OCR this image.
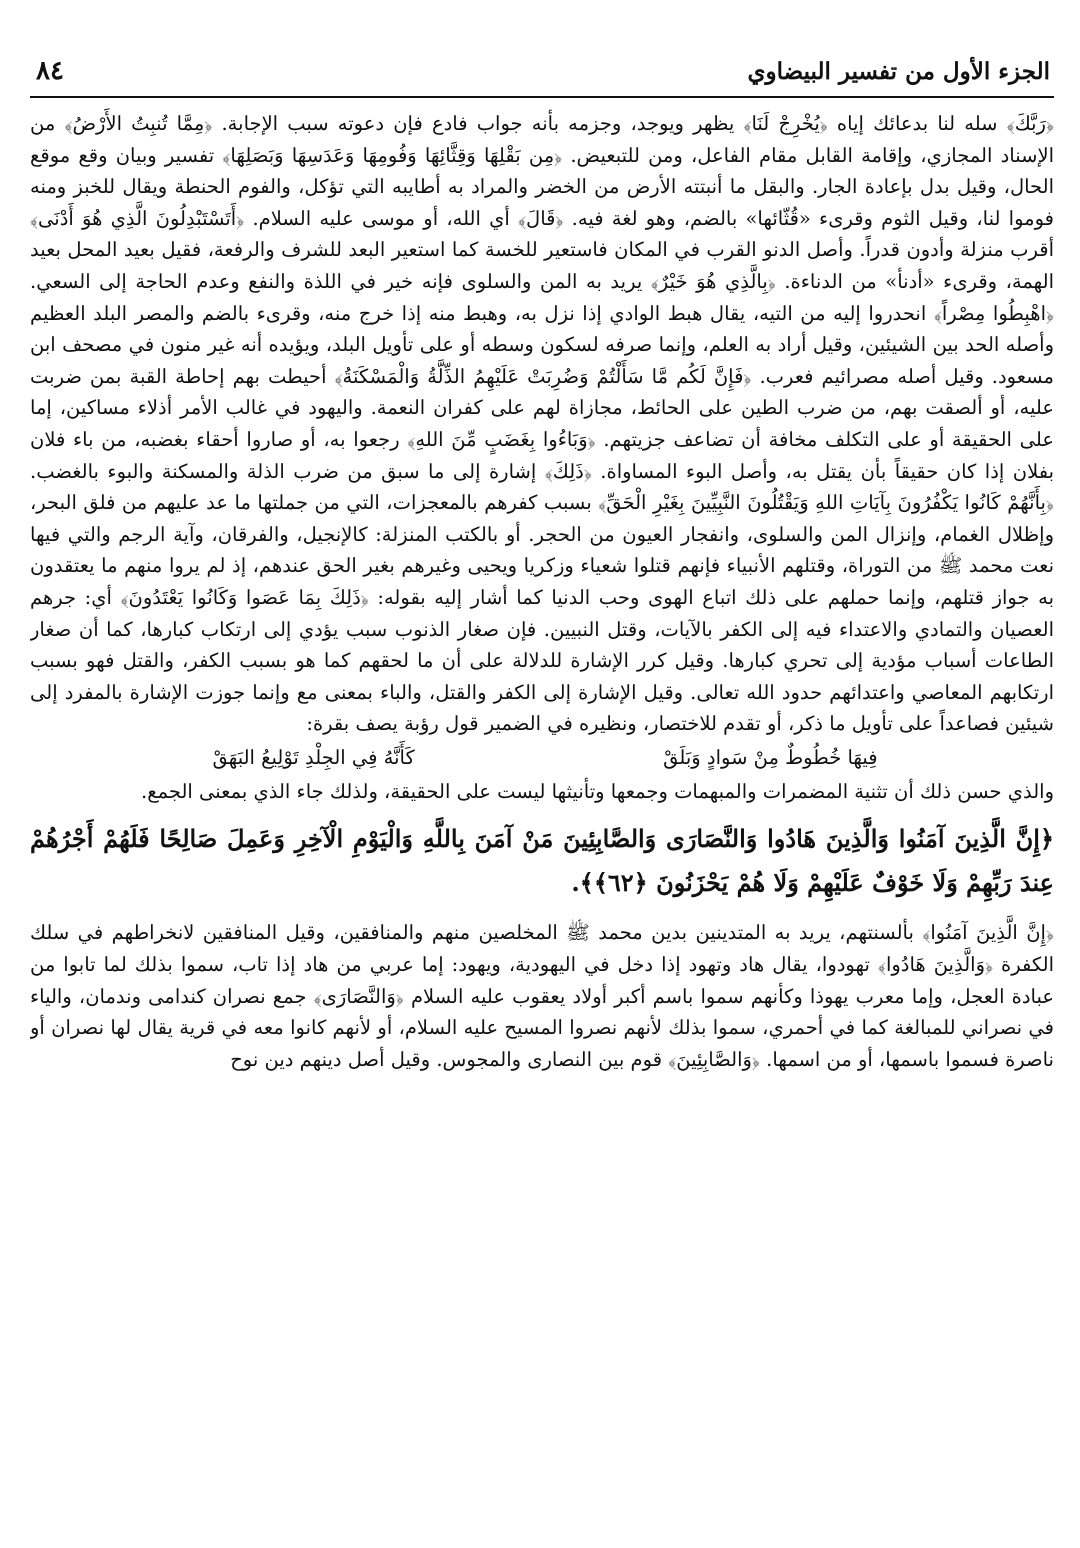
الجزء الأول من تفسير البيضاوي
٨٤

﴿رَبَّكَ﴾ سله لنا بدعائك إياه ﴿يُخْرِجْ لَنَا﴾ يظهر ويوجد، وجزمه بأنه جواب فادع فإن دعوته سبب الإجابة. ﴿مِمَّا تُنبِتُ الأَرْضُ﴾ من الإسناد المجازي، وإقامة القابل مقام الفاعل، ومن للتبعيض. ﴿مِن بَقْلِهَا وَقِثَّائِهَا وَفُومِهَا وَعَدَسِهَا وَبَصَلِهَا﴾ تفسير وبيان وقع موقع الحال، وقيل بدل بإعادة الجار. والبقل ما أنبتته الأرض من الخضر والمراد به أطايبه التي تؤكل، والفوم الحنطة ويقال للخبز ومنه فوموا لنا، وقيل الثوم وقرىء «قُثّائها» بالضم، وهو لغة فيه. ﴿قَالَ﴾ أي الله، أو موسى عليه السلام. ﴿أَتَسْتَبْدِلُونَ الَّذِي هُوَ أَدْنَى﴾ أقرب منزلة وأدون قدراً. وأصل الدنو القرب في المكان فاستعير للخسة كما استعير البعد للشرف والرفعة، فقيل بعيد المحل بعيد الهمة، وقرىء «أدنأ» من الدناءة. ﴿بِالَّذِي هُوَ خَيْرٌ﴾ يريد به المن والسلوى فإنه خير في اللذة والنفع وعدم الحاجة إلى السعي. ﴿اهْبِطُوا مِصْراً﴾ انحدروا إليه من التيه، يقال هبط الوادي إذا نزل به، وهبط منه إذا خرج منه، وقرىء بالضم والمصر البلد العظيم وأصله الحد بين الشيئين، وقيل أراد به العلم، وإنما صرفه لسكون وسطه أو على تأويل البلد، ويؤيده أنه غير منون في مصحف ابن مسعود. وقيل أصله مصرائيم فعرب. ﴿فَإِنَّ لَكُم مَّا سَأَلْتُمْ وَضُرِبَتْ عَلَيْهِمُ الذِّلَّةُ وَالْمَسْكَنَةُ﴾ أحيطت بهم إحاطة القبة بمن ضربت عليه، أو ألصقت بهم، من ضرب الطين على الحائط، مجازاة لهم على كفران النعمة. واليهود في غالب الأمر أذلاء مساكين، إما على الحقيقة أو على التكلف مخافة أن تضاعف جزيتهم. ﴿وَبَاءُوا بِغَضَبٍ مِّنَ اللهِ﴾ رجعوا به، أو صاروا أحقاء بغضبه، من باء فلان بفلان إذا كان حقيقاً بأن يقتل به، وأصل البوء المساواة. ﴿ذَلِكَ﴾ إشارة إلى ما سبق من ضرب الذلة والمسكنة والبوء بالغضب. ﴿بِأَنَّهُمْ كَانُوا يَكْفُرُونَ بِآيَاتِ اللهِ وَيَقْتُلُونَ النَّبِيِّينَ بِغَيْرِ الْحَقِّ﴾ بسبب كفرهم بالمعجزات، التي من جملتها ما عد عليهم من فلق البحر، وإظلال الغمام، وإنزال المن والسلوى، وانفجار العيون من الحجر. أو بالكتب المنزلة: كالإنجيل، والفرقان، وآية الرجم والتي فيها نعت محمد ﷺ من التوراة، وقتلهم الأنبياء فإنهم قتلوا شعياء وزكريا ويحيى وغيرهم بغير الحق عندهم، إذ لم يروا منهم ما يعتقدون به جواز قتلهم، وإنما حملهم على ذلك اتباع الهوى وحب الدنيا كما أشار إليه بقوله: ﴿ذَلِكَ بِمَا عَصَوا وَكَانُوا يَعْتَدُونَ﴾ أي: جرهم العصيان والتمادي والاعتداء فيه إلى الكفر بالآيات، وقتل النبيين. فإن صغار الذنوب سبب يؤدي إلى ارتكاب كبارها، كما أن صغار الطاعات أسباب مؤدية إلى تحري كبارها. وقيل كرر الإشارة للدلالة على أن ما لحقهم كما هو بسبب الكفر، والقتل فهو بسبب ارتكابهم المعاصي واعتدائهم حدود الله تعالى. وقيل الإشارة إلى الكفر والقتل، والباء بمعنى مع وإنما جوزت الإشارة بالمفرد إلى شيئين فصاعداً على تأويل ما ذكر، أو تقدم للاختصار، ونظيره في الضمير قول رؤبة يصف بقرة:

فِيهَا خُطُوطٌ مِنْ سَوادٍ وَبَلَقْ كَأَنَّهُ فِي الجِلْدِ تَوْلِيعُ البَهَقْ

والذي حسن ذلك أن تثنية المضمرات والمبهمات وجمعها وتأنيثها ليست على الحقيقة، ولذلك جاء الذي بمعنى الجمع.

﴿إِنَّ الَّذِينَ آمَنُوا وَالَّذِينَ هَادُوا وَالنَّصَارَى وَالصَّابِئِينَ مَنْ آمَنَ بِاللَّهِ وَالْيَوْمِ الْآخِرِ وَعَمِلَ صَالِحًا فَلَهُمْ أَجْرُهُمْ عِندَ رَبِّهِمْ وَلَا خَوْفٌ عَلَيْهِمْ وَلَا هُمْ يَحْزَنُونَ ﴿٦٢﴾﴾.

﴿إِنَّ الَّذِينَ آمَنُوا﴾ بألسنتهم، يريد به المتدينين بدين محمد ﷺ المخلصين منهم والمنافقين، وقيل المنافقين لانخراطهم في سلك الكفرة ﴿وَالَّذِينَ هَادُوا﴾ تهودوا، يقال هاد وتهود إذا دخل في اليهودية، ويهود: إما عربي من هاد إذا تاب، سموا بذلك لما تابوا من عبادة العجل، وإما معرب يهوذا وكأنهم سموا باسم أكبر أولاد يعقوب عليه السلام ﴿وَالنَّصَارَى﴾ جمع نصران كندامى وندمان، والياء في نصراني للمبالغة كما في أحمري، سموا بذلك لأنهم نصروا المسيح عليه السلام، أو لأنهم كانوا معه في قرية يقال لها نصران أو ناصرة فسموا باسمها، أو من اسمها. ﴿وَالصَّابِئِينَ﴾ قوم بين النصارى والمجوس. وقيل أصل دينهم دين نوح
